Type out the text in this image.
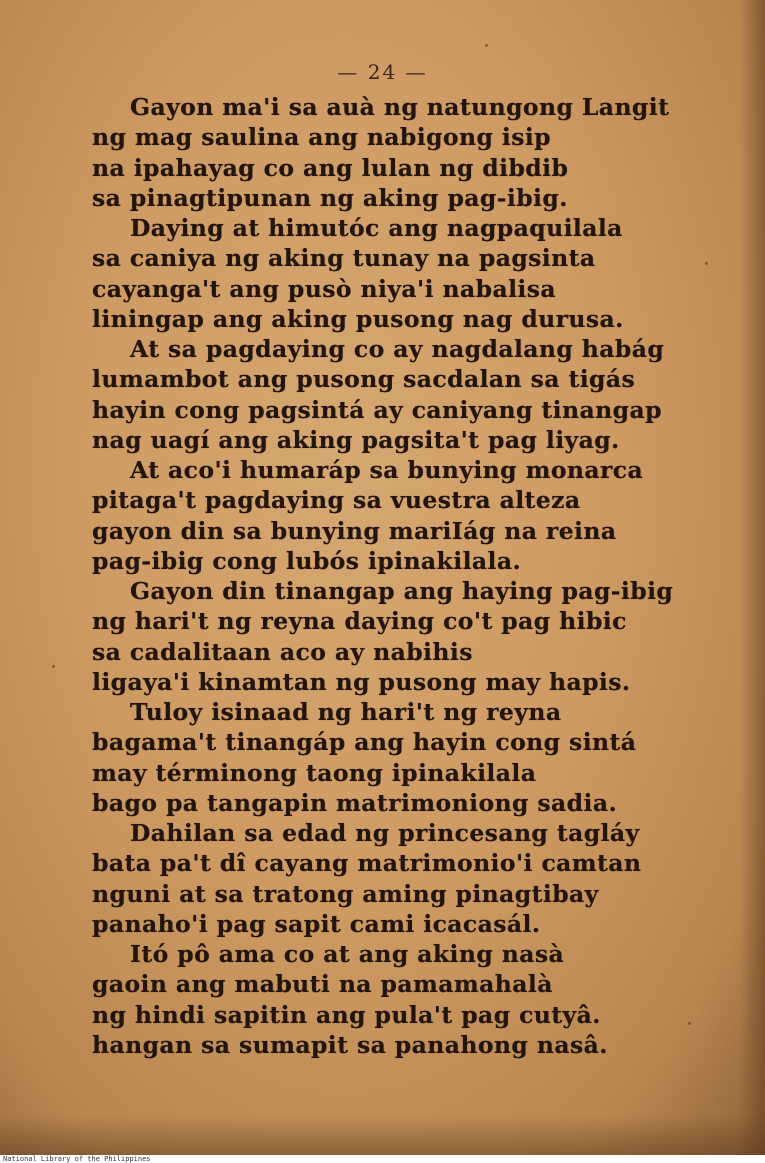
— 24 —
Gayon ma'i sa auà ng natungong Langit
ng mag saulina ang nabigong isip
na ipahayag co ang lulan ng dibdib
sa pinagtipunan ng aking pag-ibig.
Daying at himutóc ang nagpaquilala
sa caniya ng aking tunay na pagsinta
cayanga't ang pusò niya'i nabalisa
liningap ang aking pusong nag durusa.
At sa pagdaying co ay nagdalang habág
lumambot ang pusong sacdalan sa tigás
hayin cong pagsintá ay caniyang tinangap
nag uagí ang aking pagsita't pag liyag.
At aco'i humaráp sa bunying monarca
pitaga't pagdaying sa vuestra alteza
gayon din sa bunying mariIág na reina
pag-ibig cong lubós ipinakilala.
Gayon din tinangap ang haying pag-ibig
ng hari't ng reyna daying co't pag hibic
sa cadalitaan aco ay nabihis
ligaya'i kinamtan ng pusong may hapis.
Tuloy isinaad ng hari't ng reyna
bagama't tinangáp ang hayin cong sintá
may términong taong ipinakilala
bago pa tangapin matrimoniong sadia.
Dahilan sa edad ng princesang tagláy
bata pa't dî cayang matrimonio'i camtan
nguni at sa tratong aming pinagtibay
panaho'i pag sapit cami icacasál.
Itó pô ama co at ang aking nasà
gaoin ang mabuti na pamamahalà
ng hindi sapitin ang pula't pag cutyâ.
hangan sa sumapit sa panahong nasâ.
National Library of the Philippines
